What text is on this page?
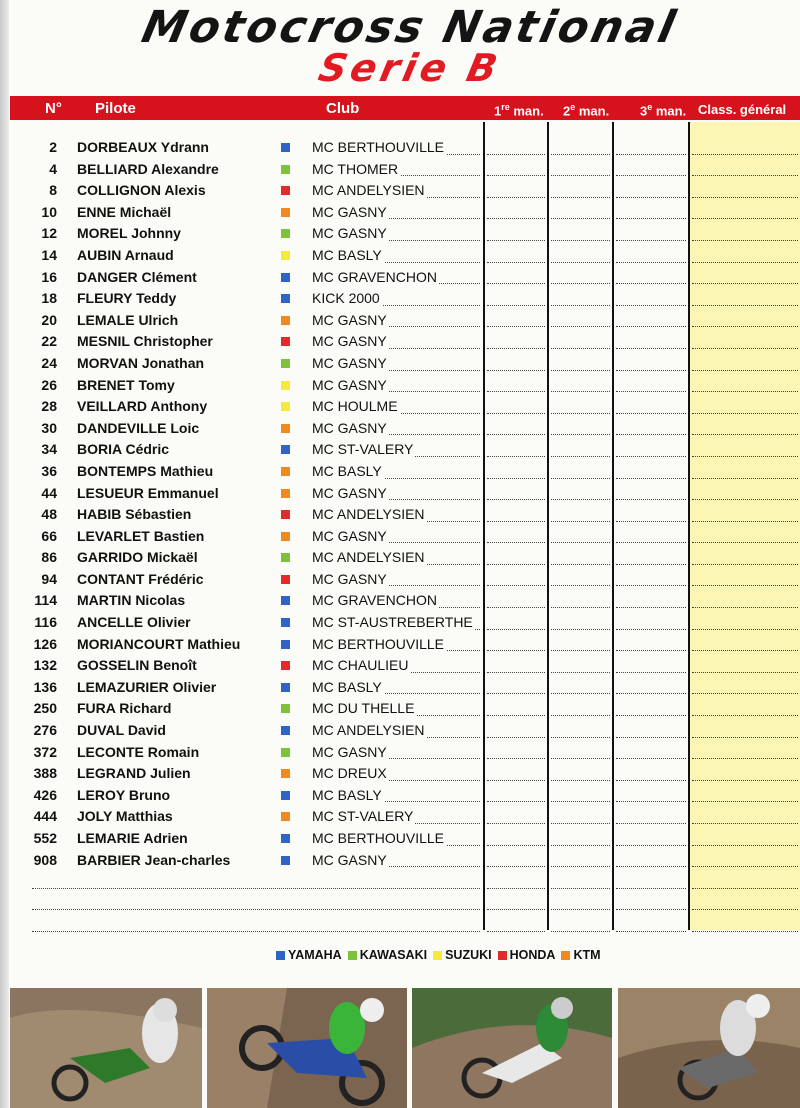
Motocross National
Serie B
N° Pilote	Club	1re man. 2e man. 3e man. Class. général
2 DORBEAUX Ydrann	MC BERTHOUVILLE
4 BELLIARD Alexandre	MC THOMER
8 COLLIGNON Alexis	MC ANDELYSIEN
10 ENNE Michaël	MC GASNY
12 MOREL Johnny	MC GASNY
14 AUBIN Arnaud	MC BASLY
16 DANGER Clément	MC GRAVENCHON
18 FLEURY Teddy	KICK 2000
20 LEMALE Ulrich	MC GASNY
22 MESNIL Christopher	MC GASNY
24 MORVAN Jonathan	MC GASNY
26 BRENET Tomy	MC GASNY
28 VEILLARD Anthony	MC HOULME
30 DANDEVILLE Loic	MC GASNY
34 BORIA Cédric	MC ST-VALERY
36 BONTEMPS Mathieu	MC BASLY
44 LESUEUR Emmanuel	MC GASNY
48 HABIB Sébastien	MC ANDELYSIEN
66 LEVARLET Bastien	MC GASNY
86 GARRIDO Mickaël	MC ANDELYSIEN
94 CONTANT Frédéric	MC GASNY
114 MARTIN Nicolas	MC GRAVENCHON
116 ANCELLE Olivier	MC ST-AUSTREBERTHE
126 MORIANCOURT Mathieu	MC BERTHOUVILLE
132 GOSSELIN Benoît	MC CHAULIEU
136 LEMAZURIER Olivier	MC BASLY
250 FURA Richard	MC DU THELLE
276 DUVAL David	MC ANDELYSIEN
372 LECONTE Romain	MC GASNY
388 LEGRAND Julien	MC DREUX
426 LEROY Bruno	MC BASLY
444 JOLY Matthias	MC ST-VALERY
552 LEMARIE Adrien	MC BERTHOUVILLE
908 BARBIER Jean-charles	MC GASNY
YAMAHA KAWASAKI SUZUKI HONDA KTM
